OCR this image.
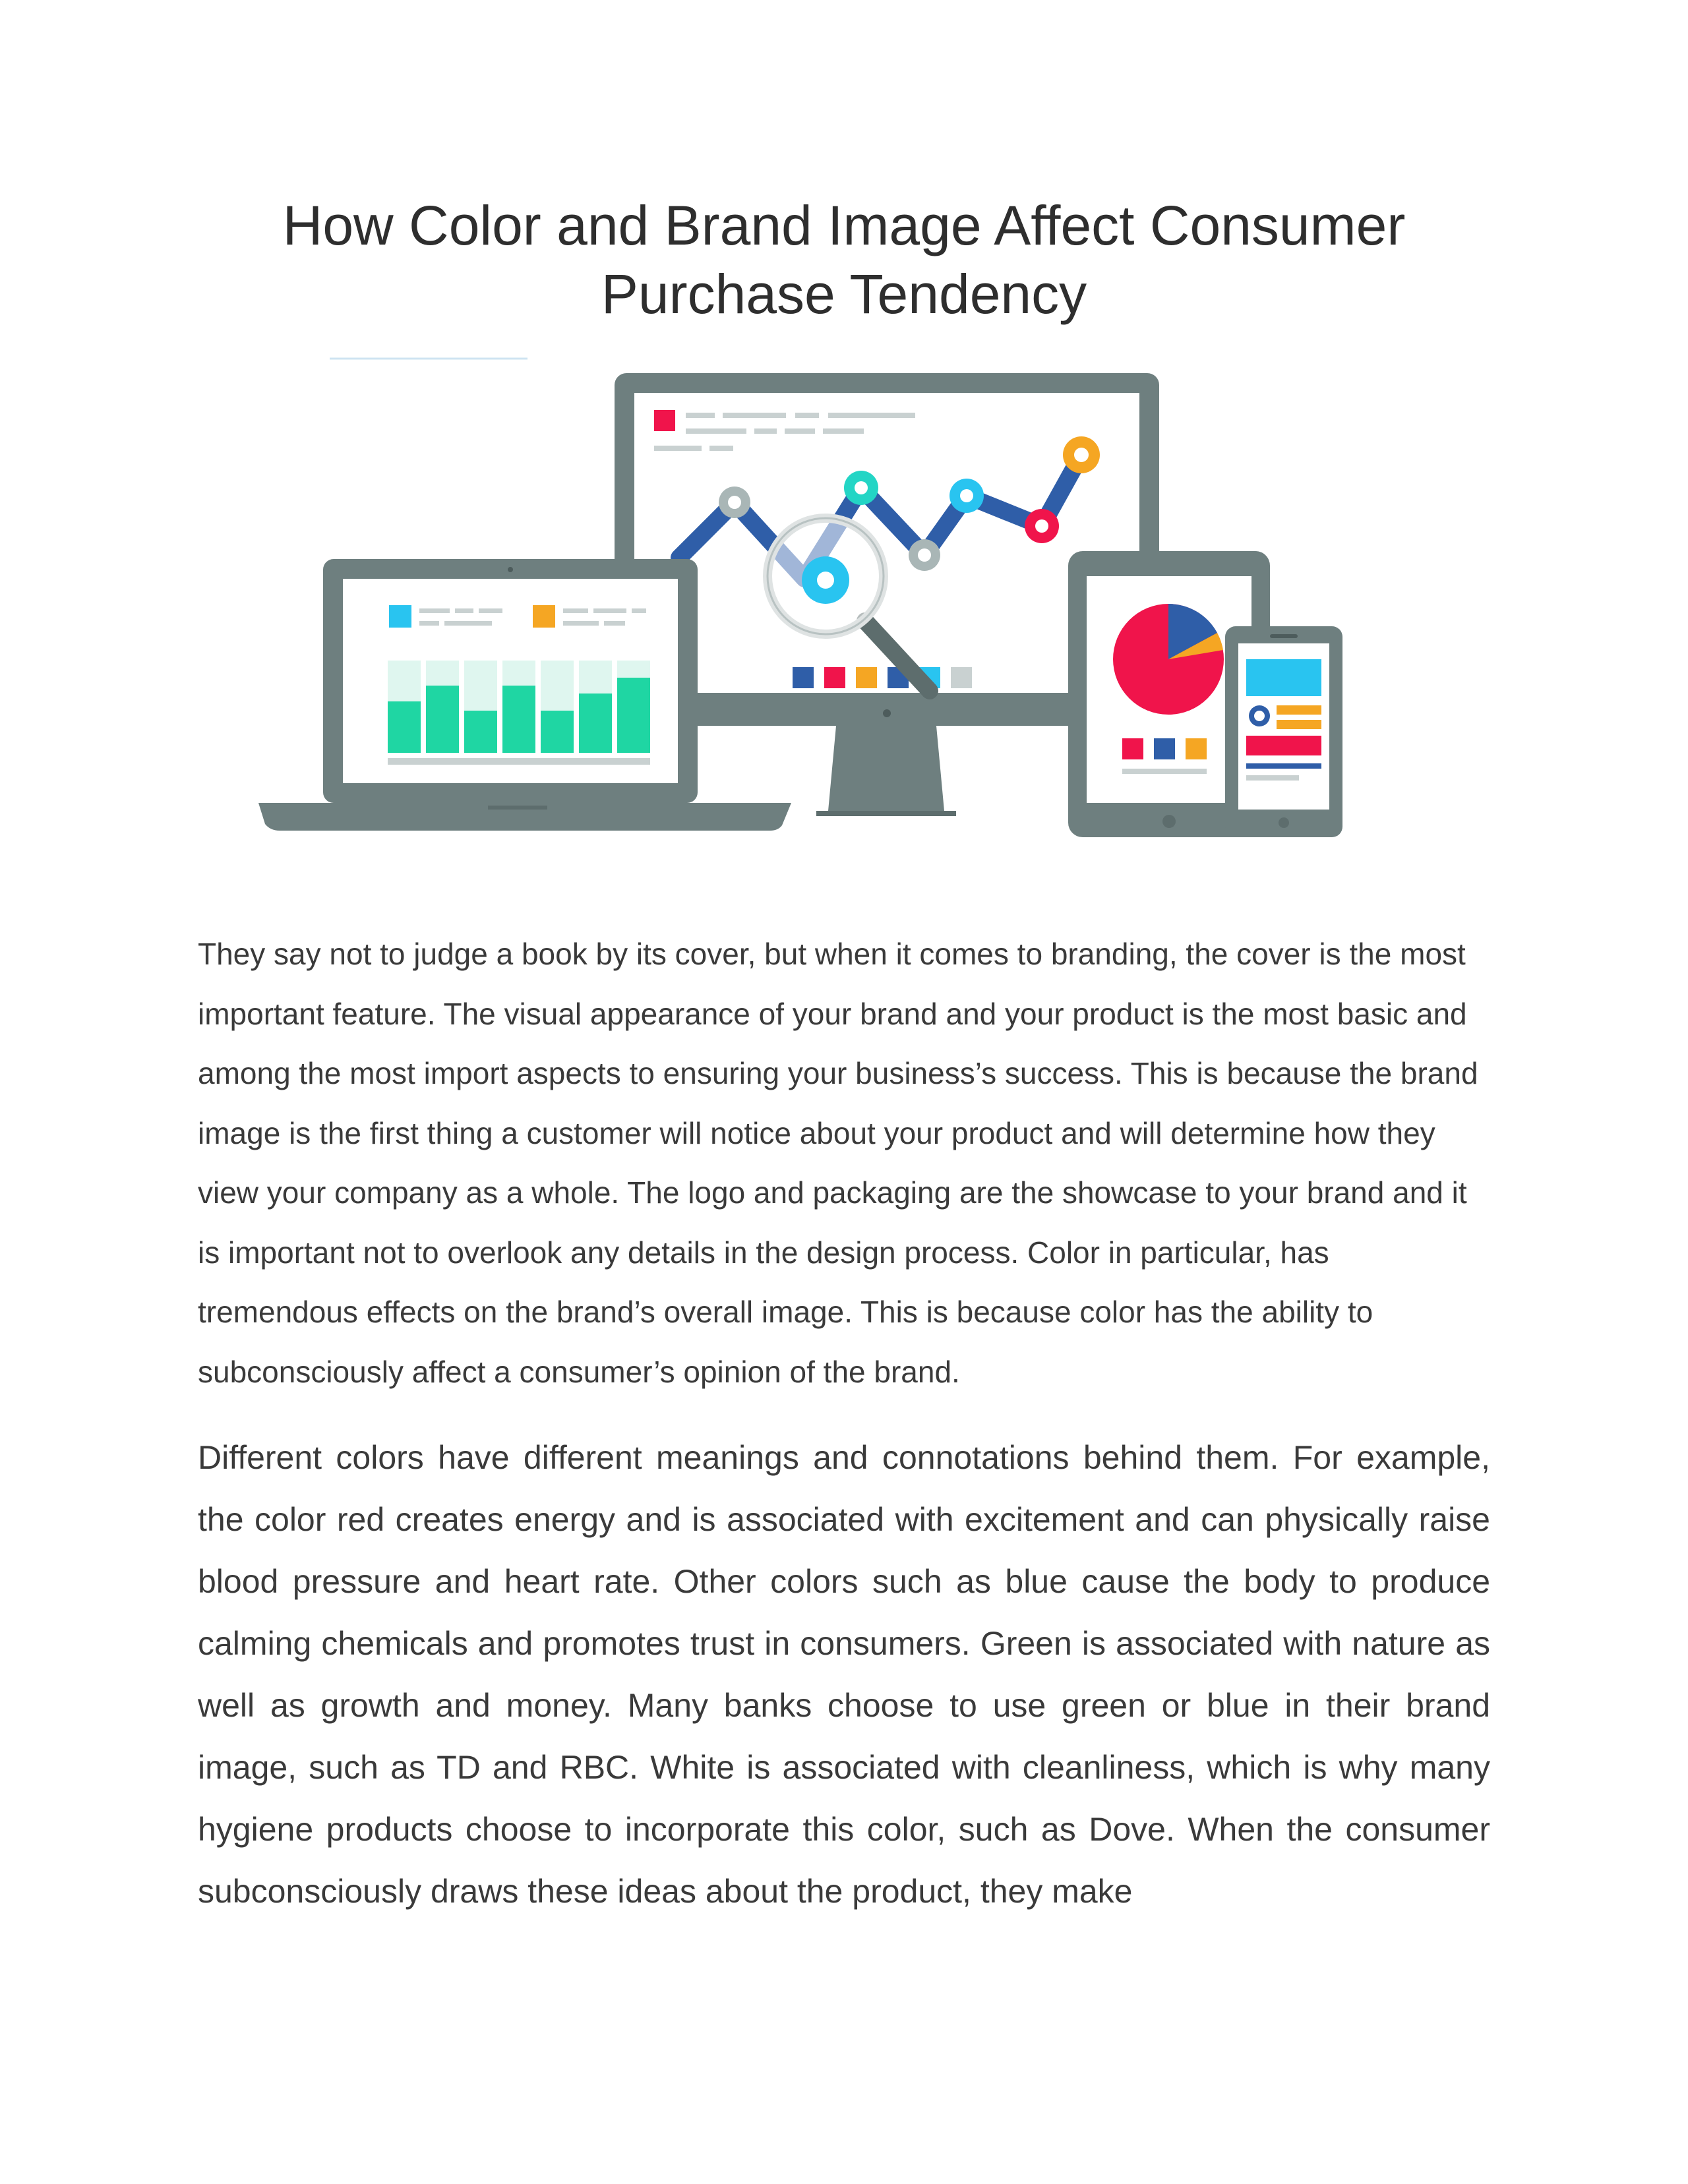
How Color and Brand Image Affect Consumer Purchase Tendency

They say not to judge a book by its cover, but when it comes to branding, the cover is the most important feature. The visual appearance of your brand and your product is the most basic and among the most import aspects to ensuring your business’s success. This is because the brand image is the first thing a customer will notice about your product and will determine how they view your company as a whole. The logo and packaging are the showcase to your brand and it is important not to overlook any details in the design process. Color in particular, has tremendous effects on the brand’s overall image. This is because color has the ability to subconsciously affect a consumer’s opinion of the brand.

Different colors have different meanings and connotations behind them. For example, the color red creates energy and is associated with excitement and can physically raise blood pressure and heart rate. Other colors such as blue cause the body to produce calming chemicals and promotes trust in consumers. Green is associated with nature as well as growth and money. Many banks choose to use green or blue in their brand image, such as TD and RBC. White is associated with cleanliness, which is why many hygiene products choose to incorporate this color, such as Dove. When the consumer subconsciously draws these ideas about the product, they make
